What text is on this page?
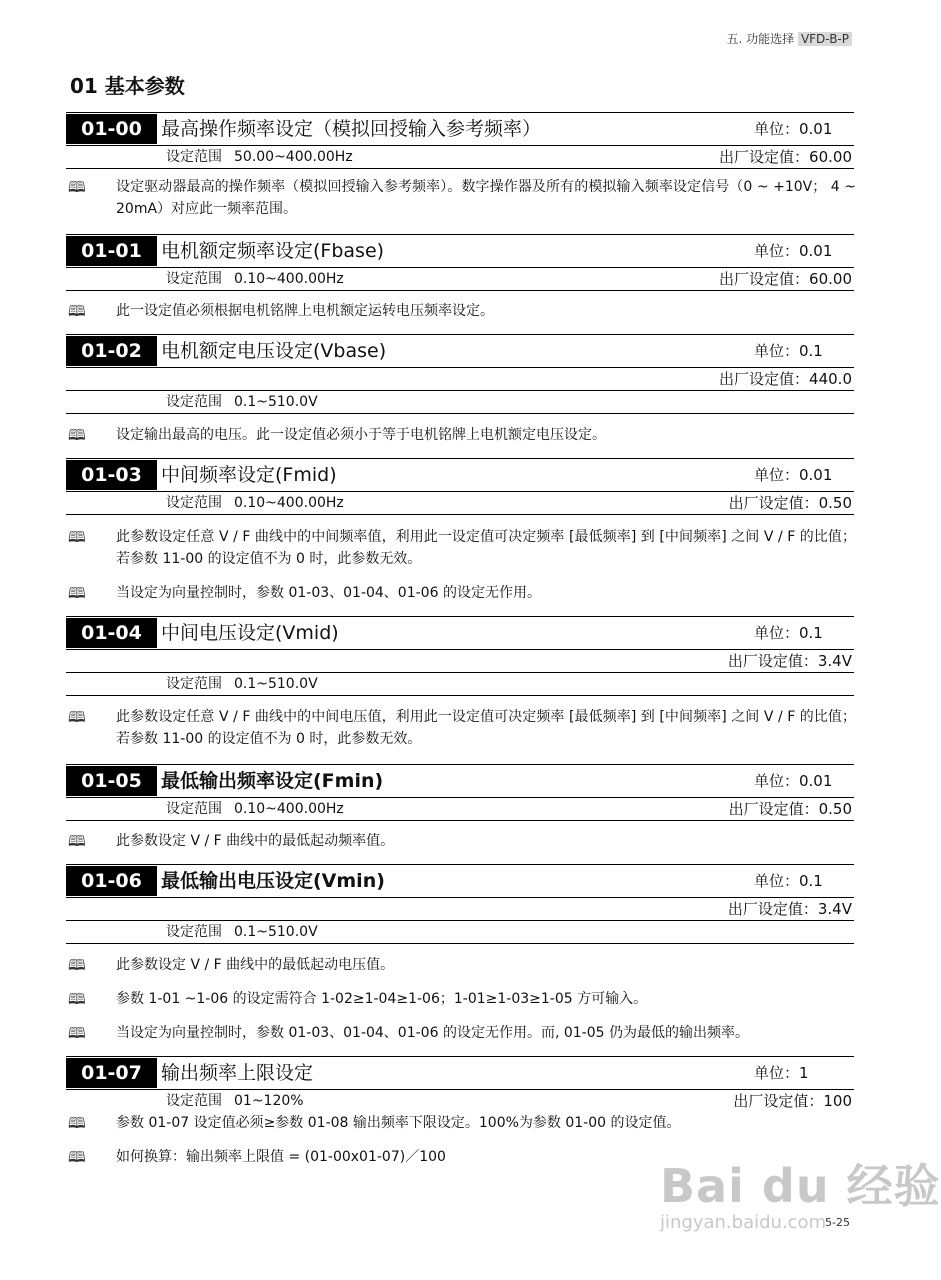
五. 功能选择 VFD-B-P
01 基本参数
01-00	最高操作频率设定（模拟回授输入参考频率）	单位：0.01
设定范围 50.00~400.00Hz	出厂设定值：60.00
🕮 设定驱动器最高的操作频率（模拟回授输入参考频率）。数字操作器及所有的模拟输入频率设定信号（0 ~ +10V； 4 ~ 20mA）对应此一频率范围。
01-01	电机额定频率设定(Fbase)	单位：0.01
设定范围 0.10~400.00Hz	出厂设定值：60.00
🕮 此一设定值必须根据电机铭牌上电机额定运转电压频率设定。
01-02	电机额定电压设定(Vbase)	单位：0.1
出厂设定值：440.0
设定范围 0.1~510.0V
🕮 设定输出最高的电压。此一设定值必须小于等于电机铭牌上电机额定电压设定。
01-03	中间频率设定(Fmid)	单位：0.01
设定范围 0.10~400.00Hz	出厂设定值：0.50
🕮 此参数设定任意 V / F 曲线中的中间频率值，利用此一设定值可决定频率 [最低频率] 到 [中间频率] 之间 V / F 的比值；若参数 11-00 的设定值不为 0 时，此参数无效。
🕮 当设定为向量控制时，参数 01-03、01-04、01-06 的设定无作用。
01-04	中间电压设定(Vmid)	单位：0.1
出厂设定值：3.4V
设定范围 0.1~510.0V
🕮 此参数设定任意 V / F 曲线中的中间电压值，利用此一设定值可决定频率 [最低频率] 到 [中间频率] 之间 V / F 的比值；若参数 11-00 的设定值不为 0 时，此参数无效。
01-05	最低输出频率设定(Fmin)	单位：0.01
设定范围 0.10~400.00Hz	出厂设定值：0.50
🕮 此参数设定 V / F 曲线中的最低起动频率值。
01-06	最低输出电压设定(Vmin)	单位：0.1
出厂设定值：3.4V
设定范围 0.1~510.0V
🕮 此参数设定 V / F 曲线中的最低起动电压值。
🕮 参数 1-01 ~1-06 的设定需符合 1-02≥1-04≥1-06；1-01≥1-03≥1-05 方可输入。
🕮 当设定为向量控制时，参数 01-03、01-04、01-06 的设定无作用。而, 01-05 仍为最低的输出频率。
01-07	输出频率上限设定	单位：1
设定范围 01~120%	出厂设定值：100
🕮 参数 01-07 设定值必须≥参数 01-08 输出频率下限设定。100%为参数 01-00 的设定值。
🕮 如何换算：输出频率上限值 = (01-00x01-07)／100
Bai du 经验
jingyan.baidu.com
5-25
